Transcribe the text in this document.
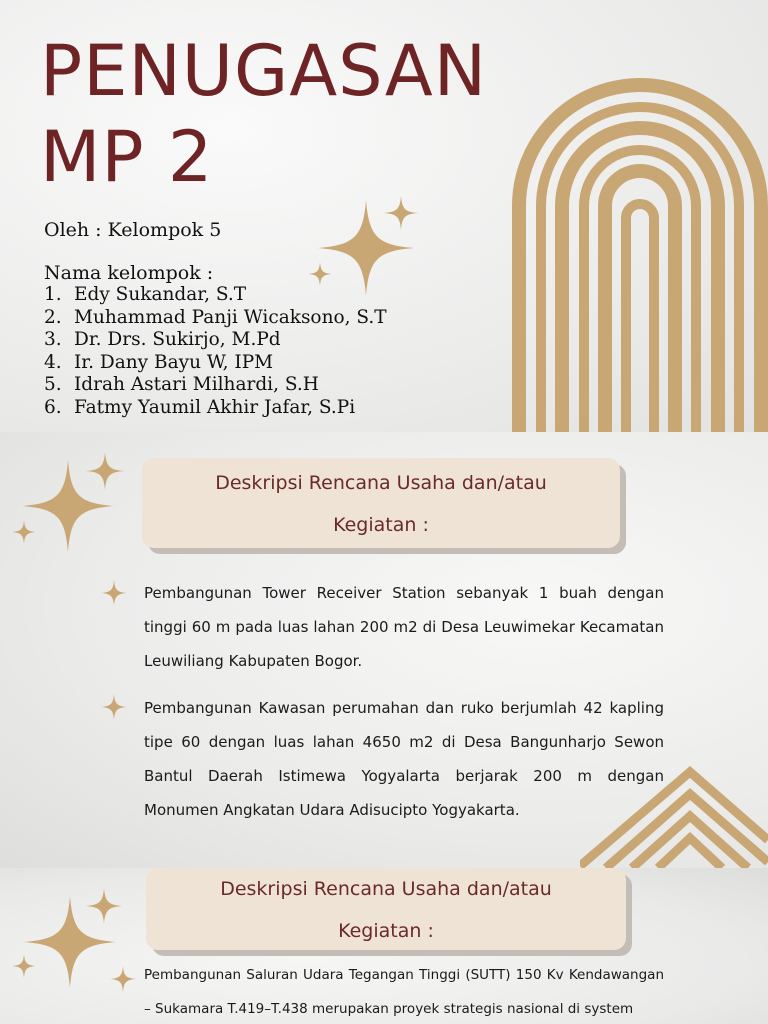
PENUGASAN
MP 2
Oleh : Kelompok 5
Nama kelompok :
1. Edy Sukandar, S.T
2. Muhammad Panji Wicaksono, S.T
3. Dr. Drs. Sukirjo, M.Pd
4. Ir. Dany Bayu W, IPM
5. Idrah Astari Milhardi, S.H
6. Fatmy Yaumil Akhir Jafar, S.Pi
Deskripsi Rencana Usaha dan/atau
Kegiatan :

Pembangunan Tower Receiver Station sebanyak 1 buah dengan tinggi 60 m pada luas lahan 200 m2 di Desa Leuwimekar Kecamatan Leuwiliang Kabupaten Bogor.

Pembangunan Kawasan perumahan dan ruko berjumlah 42 kapling tipe 60 dengan luas lahan 4650 m2 di Desa Bangunharjo Sewon Bantul Daerah Istimewa Yogyalarta berjarak 200 m dengan Monumen Angkatan Udara Adisucipto Yogyakarta.

Deskripsi Rencana Usaha dan/atau
Kegiatan :

Pembangunan Saluran Udara Tegangan Tinggi (SUTT) 150 Kv Kendawangan – Sukamara T.419–T.438 merupakan proyek strategis nasional di system
